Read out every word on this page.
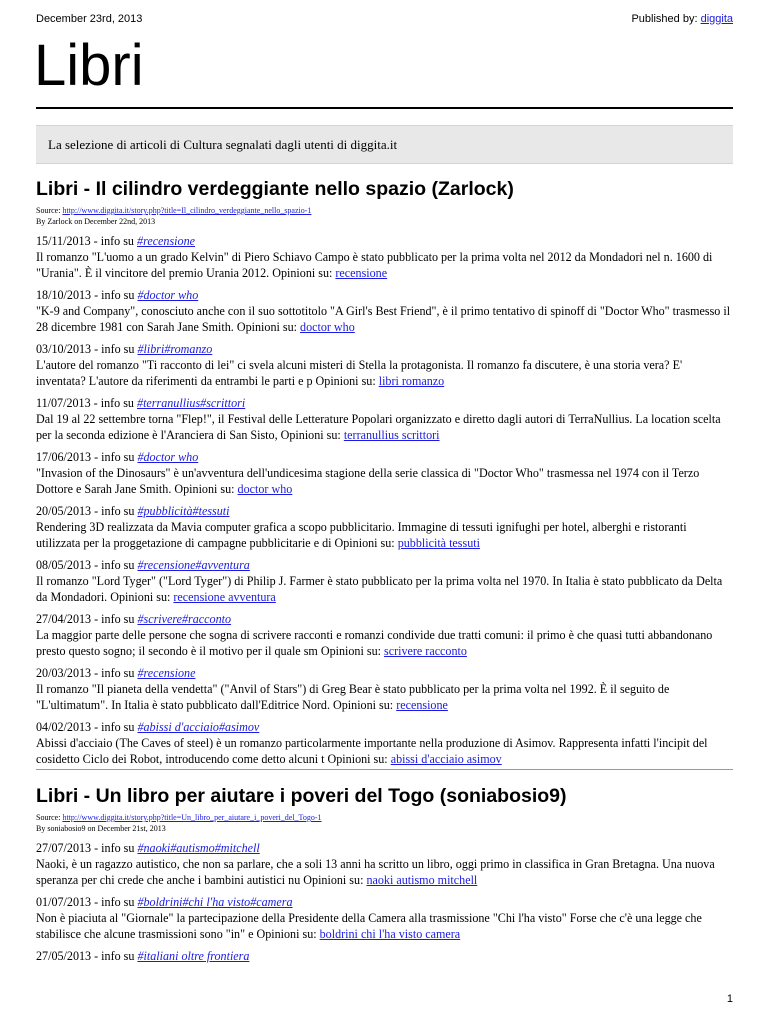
December 23rd, 2013	Published by: diggita
Libri
La selezione di articoli di Cultura segnalati dagli utenti di diggita.it
Libri - Il cilindro verdeggiante nello spazio (Zarlock)
Source: http://www.diggita.it/story.php?title=Il_cilindro_verdeggiante_nello_spazio-1
By Zarlock on December 22nd, 2013
15/11/2013 - info su #recensione
Il romanzo "L'uomo a un grado Kelvin" di Piero Schiavo Campo è stato pubblicato per la prima volta nel 2012 da Mondadori nel n. 1600 di "Urania". È il vincitore del premio Urania 2012. Opinioni su: recensione
18/10/2013 - info su #doctor who
"K-9 and Company", conosciuto anche con il suo sottotitolo "A Girl's Best Friend", è il primo tentativo di spinoff di "Doctor Who" trasmesso il 28 dicembre 1981 con Sarah Jane Smith. Opinioni su: doctor who
03/10/2013 - info su #libri#romanzo
L'autore del romanzo "Ti racconto di lei" ci svela alcuni misteri di Stella la protagonista. Il romanzo fa discutere, è una storia vera? E' inventata? L'autore da riferimenti da entrambi le parti e p Opinioni su: libri romanzo
11/07/2013 - info su #terranullius#scrittori
Dal 19 al 22 settembre torna "Flep!", il Festival delle Letterature Popolari organizzato e diretto dagli autori di TerraNullius. La location scelta per la seconda edizione è l'Aranciera di San Sisto, Opinioni su: terranullius scrittori
17/06/2013 - info su #doctor who
"Invasion of the Dinosaurs" è un'avventura dell'undicesima stagione della serie classica di "Doctor Who" trasmessa nel 1974 con il Terzo Dottore e Sarah Jane Smith. Opinioni su: doctor who
20/05/2013 - info su #pubblicità#tessuti
Rendering 3D realizzata da Mavia computer grafica a scopo pubblicitario. Immagine di tessuti ignifughi per hotel, alberghi e ristoranti utilizzata per la proggetazione di campagne pubblicitarie e di Opinioni su: pubblicità tessuti
08/05/2013 - info su #recensione#avventura
Il romanzo "Lord Tyger" ("Lord Tyger") di Philip J. Farmer è stato pubblicato per la prima volta nel 1970. In Italia è stato pubblicato da Delta da Mondadori. Opinioni su: recensione avventura
27/04/2013 - info su #scrivere#racconto
La maggior parte delle persone che sogna di scrivere racconti e romanzi condivide due tratti comuni: il primo è che quasi tutti abbandonano presto questo sogno; il secondo è il motivo per il quale sm Opinioni su: scrivere racconto
20/03/2013 - info su #recensione
Il romanzo "Il pianeta della vendetta" ("Anvil of Stars") di Greg Bear è stato pubblicato per la prima volta nel 1992. È il seguito de "L'ultimatum". In Italia è stato pubblicato dall'Editrice Nord. Opinioni su: recensione
04/02/2013 - info su #abissi d'acciaio#asimov
Abissi d'acciaio (The Caves of steel) è un romanzo particolarmente importante nella produzione di Asimov. Rappresenta infatti l'incipit del cosidetto Ciclo dei Robot, introducendo come detto alcuni t Opinioni su: abissi d'acciaio asimov
Libri - Un libro per aiutare i poveri del Togo (soniabosio9)
Source: http://www.diggita.it/story.php?title=Un_libro_per_aiutare_i_poveri_del_Togo-1
By soniabosio9 on December 21st, 2013
27/07/2013 - info su #naoki#autismo#mitchell
Naoki, è un ragazzo autistico, che non sa parlare, che a soli 13 anni ha scritto un libro, oggi primo in classifica in Gran Bretagna. Una nuova speranza per chi crede che anche i bambini autistici nu Opinioni su: naoki autismo mitchell
01/07/2013 - info su #boldrini#chi l'ha visto#camera
Non è piaciuta al "Giornale" la partecipazione della Presidente della Camera alla trasmissione "Chi l'ha visto" Forse che c'è una legge che stabilisce che alcune trasmissioni sono "in" e Opinioni su: boldrini chi l'ha visto camera
27/05/2013 - info su #italiani oltre frontiera
1
